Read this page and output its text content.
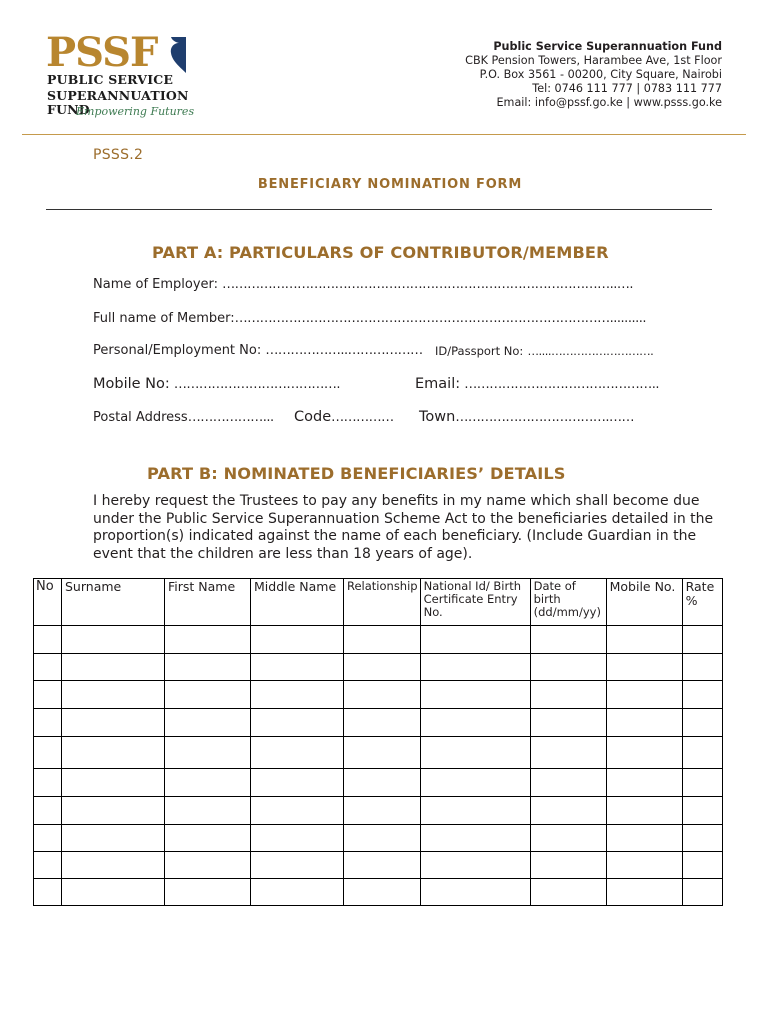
PSSF
PUBLIC SERVICE
SUPERANNUATION FUND
Empowering Futures
Public Service Superannuation Fund
CBK Pension Towers, Harambee Ave, 1st Floor
P.O. Box 3561 - 00200, City Square, Nairobi
Tel: 0746 111 777 | 0783 111 777
Email: info@pssf.go.ke | www.psss.go.ke
PSSS.2
BENEFICIARY NOMINATION FORM
PART A: PARTICULARS OF CONTRIBUTOR/MEMBER
Name of Employer: …………………………………………………………………………………..….
Full name of Member:………………………………………………………………………………..........
Personal/Employment No: ………………..……………… ID/Passport No: …....……………………….
Mobile No: ………………………………….	Email: ………………………………………..
Postal Address………………... Code…………… Town……………………………….……
PART B: NOMINATED BENEFICIARIES’ DETAILS
I hereby request the Trustees to pay any benefits in my name which shall become due under the Public Service Superannuation Scheme Act to the beneficiaries detailed in the proportion(s) indicated against the name of each beneficiary. (Include Guardian in the event that the children are less than 18 years of age).
No	Surname	First Name	Middle Name	Relationship	National Id/ Birth Certificate Entry No.	Date of birth (dd/mm/yy)	Mobile No.	Rate %
